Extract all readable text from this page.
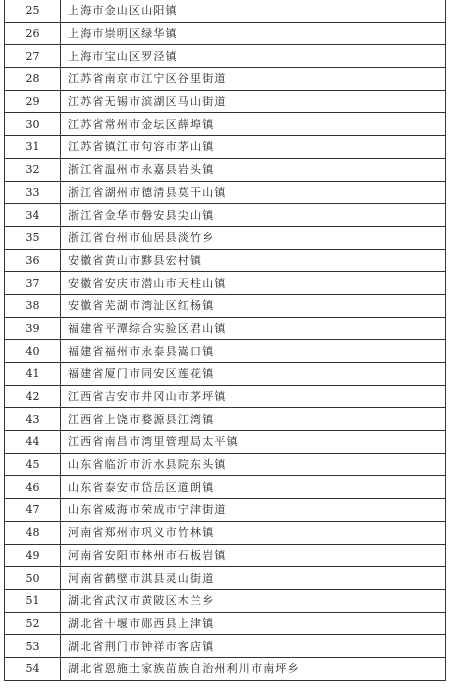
25	上海市金山区山阳镇
26	上海市崇明区绿华镇
27	上海市宝山区罗泾镇
28	江苏省南京市江宁区谷里街道
29	江苏省无锡市滨湖区马山街道
30	江苏省常州市金坛区薛埠镇
31	江苏省镇江市句容市茅山镇
32	浙江省温州市永嘉县岩头镇
33	浙江省湖州市德清县莫干山镇
34	浙江省金华市磐安县尖山镇
35	浙江省台州市仙居县淡竹乡
36	安徽省黄山市黟县宏村镇
37	安徽省安庆市潜山市天柱山镇
38	安徽省芜湖市湾沚区红杨镇
39	福建省平潭综合实验区君山镇
40	福建省福州市永泰县嵩口镇
41	福建省厦门市同安区莲花镇
42	江西省吉安市井冈山市茅坪镇
43	江西省上饶市婺源县江湾镇
44	江西省南昌市湾里管理局太平镇
45	山东省临沂市沂水县院东头镇
46	山东省泰安市岱岳区道朗镇
47	山东省威海市荣成市宁津街道
48	河南省郑州市巩义市竹林镇
49	河南省安阳市林州市石板岩镇
50	河南省鹤壁市淇县灵山街道
51	湖北省武汉市黄陂区木兰乡
52	湖北省十堰市郧西县上津镇
53	湖北省荆门市钟祥市客店镇
54	湖北省恩施土家族苗族自治州利川市南坪乡
